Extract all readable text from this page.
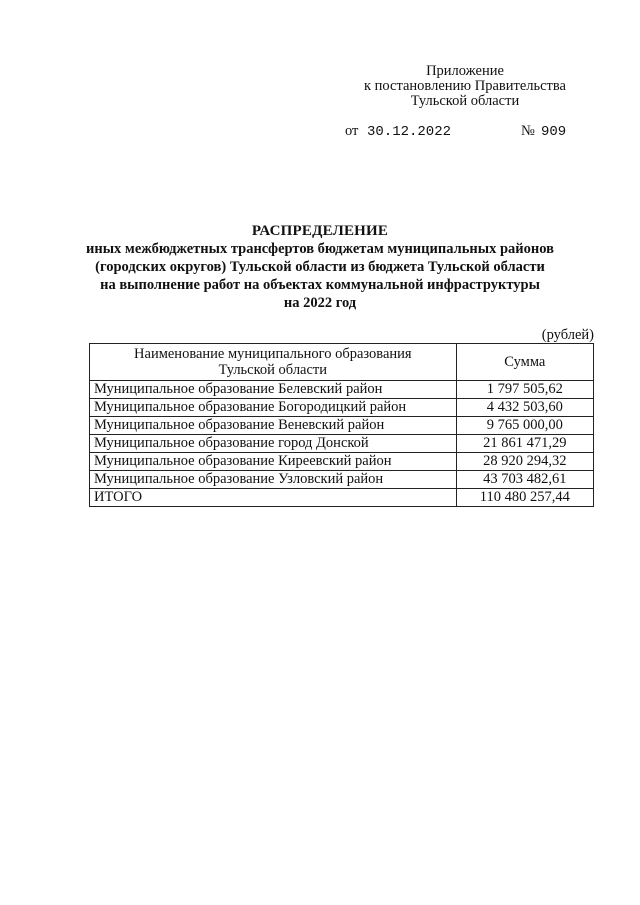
Приложение
к постановлению Правительства
Тульской области
от 30.12.2022	№ 909
РАСПРЕДЕЛЕНИЕ
иных межбюджетных трансфертов бюджетам муниципальных районов
(городских округов) Тульской области из бюджета Тульской области
на выполнение работ на объектах коммунальной инфраструктуры
на 2022 год
(рублей)
Наименование муниципального образования
Тульской области	Сумма
Муниципальное образование Белевский район	1 797 505,62
Муниципальное образование Богородицкий район	4 432 503,60
Муниципальное образование Веневский район	9 765 000,00
Муниципальное образование город Донской	21 861 471,29
Муниципальное образование Киреевский район	28 920 294,32
Муниципальное образование Узловский район	43 703 482,61
ИТОГО	110 480 257,44
